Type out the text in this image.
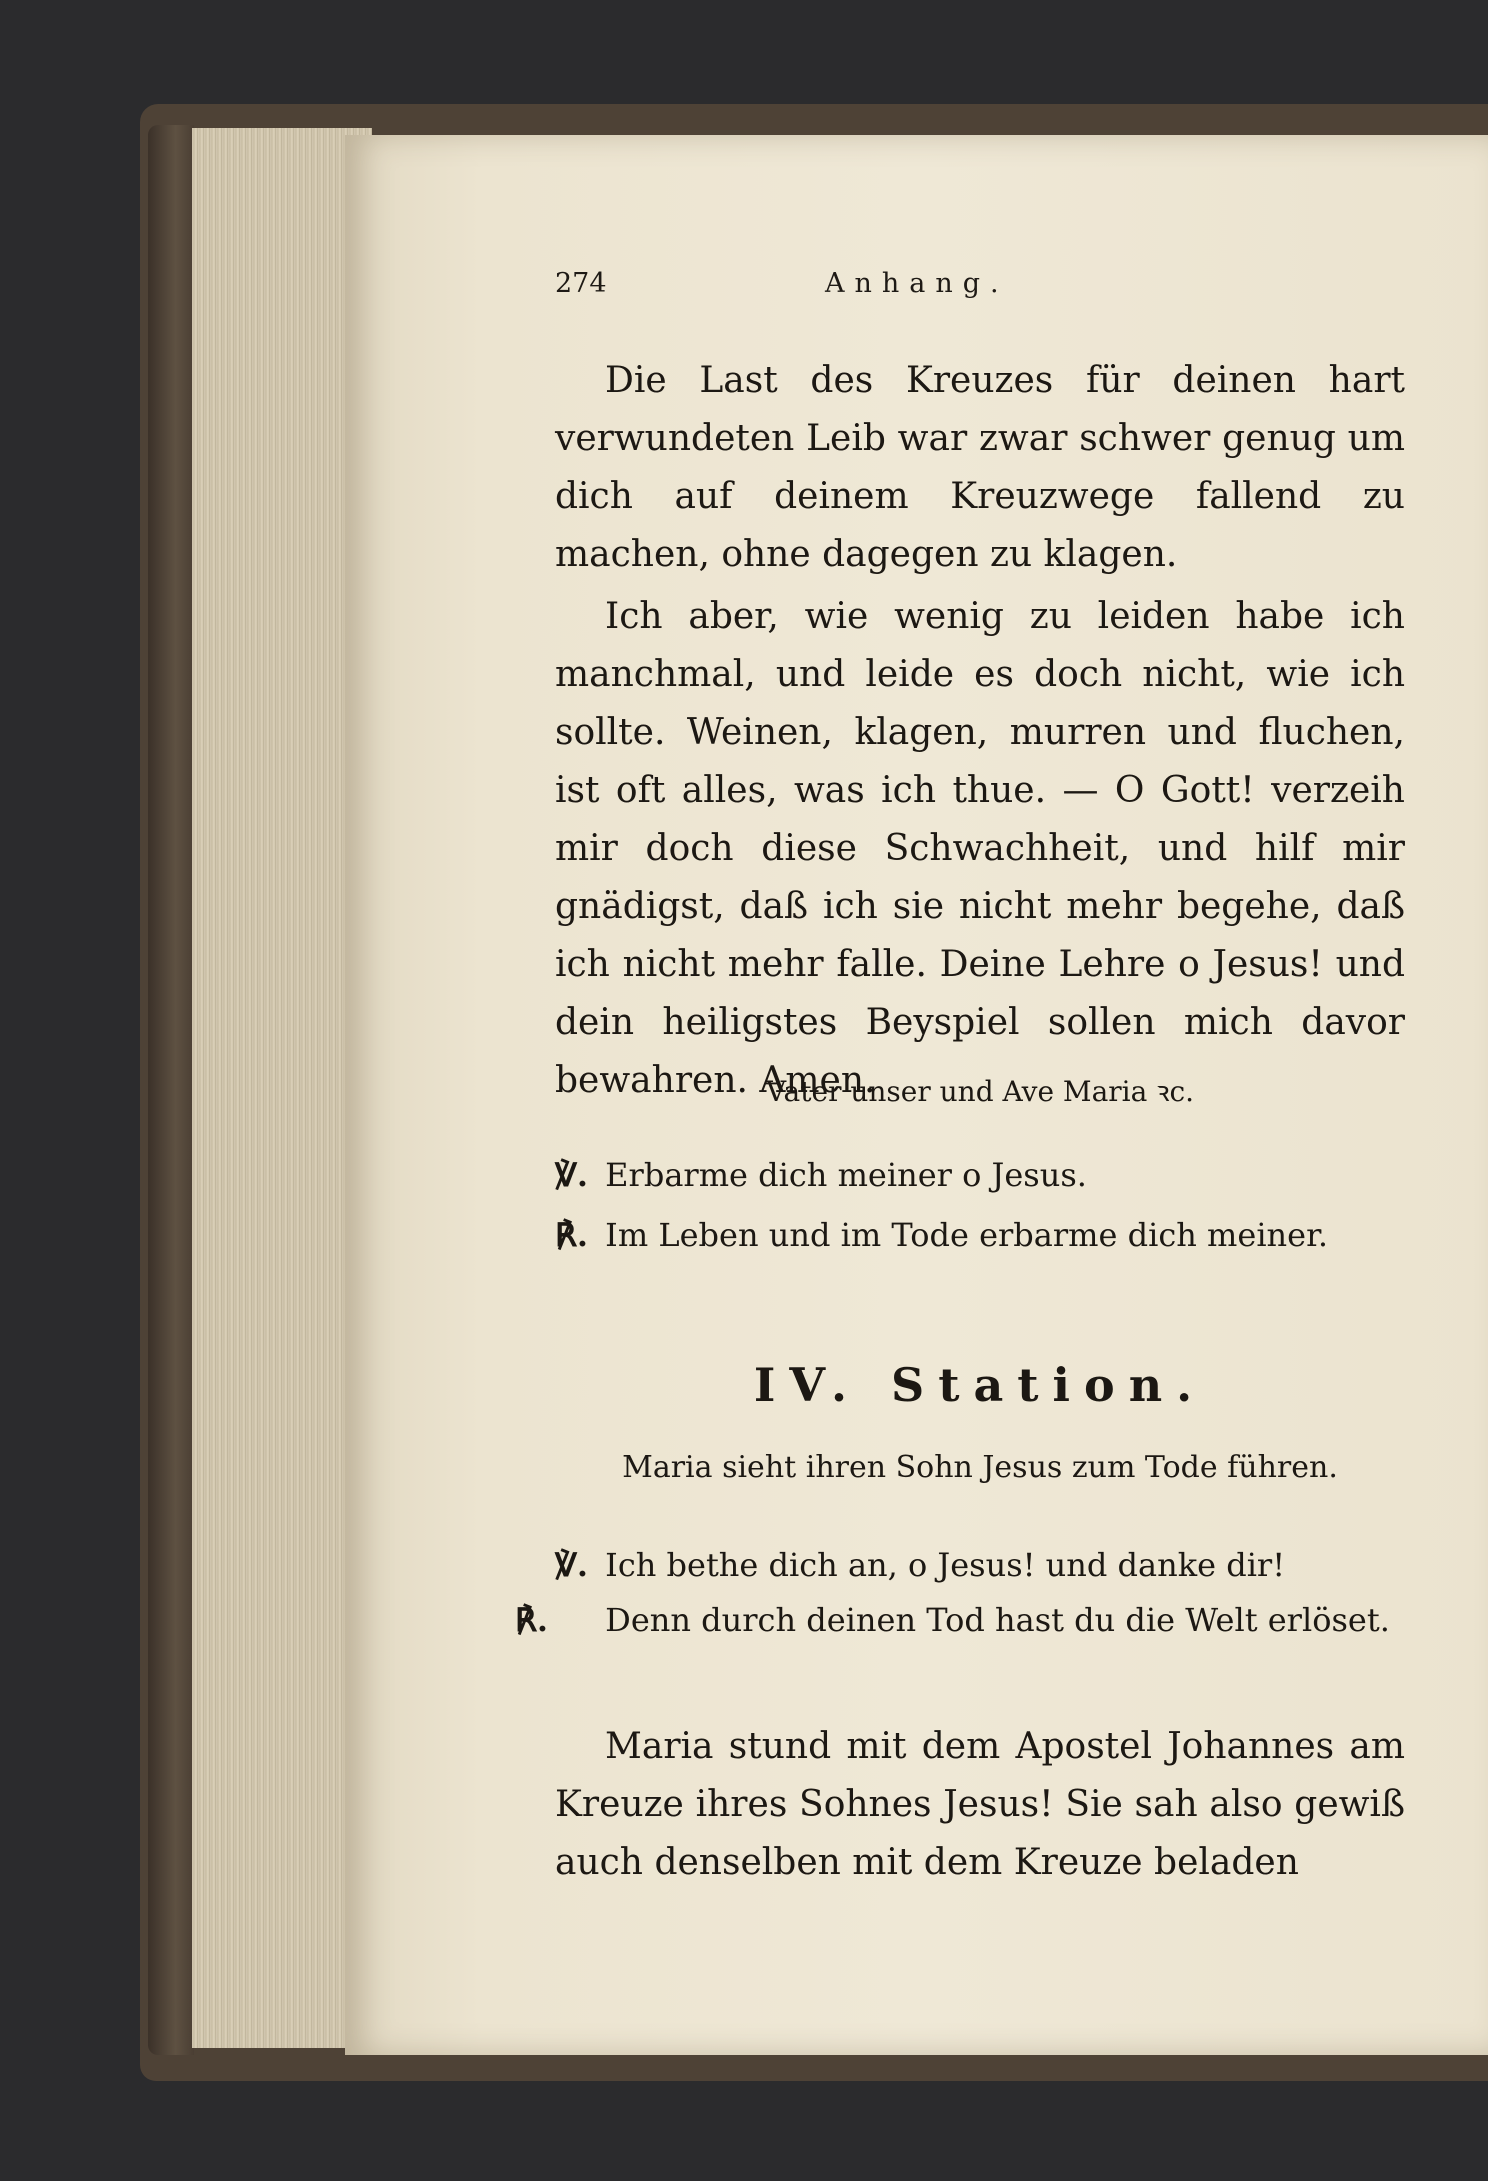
274	Anhang.
Die Last des Kreuzes für deinen hart verwundeten Leib war zwar schwer genug um dich auf deinem Kreuzwege fallend zu machen, ohne dagegen zu klagen.
Ich aber, wie wenig zu leiden habe ich manchmal, und leide es doch nicht, wie ich sollte. Weinen, klagen, murren und fluchen, ist oft alles, was ich thue. — O Gott! verzeih mir doch diese Schwachheit, und hilf mir gnädigst, daß ich sie nicht mehr begehe, daß ich nicht mehr falle. Deine Lehre o Jesus! und dein heiligstes Beyspiel sollen mich davor bewahren. Amen.
Vater unser und Ave Maria ꝛc.
℣. Erbarme dich meiner o Jesus.
℟. Im Leben und im Tode erbarme dich meiner.
IV. Station.
Maria sieht ihren Sohn Jesus zum Tode führen.
℣. Ich bethe dich an, o Jesus! und danke dir!
℟. Denn durch deinen Tod hast du die Welt erlöset.
Maria stund mit dem Apostel Johannes am Kreuze ihres Sohnes Jesus! Sie sah also gewiß auch denselben mit dem Kreuze beladen
